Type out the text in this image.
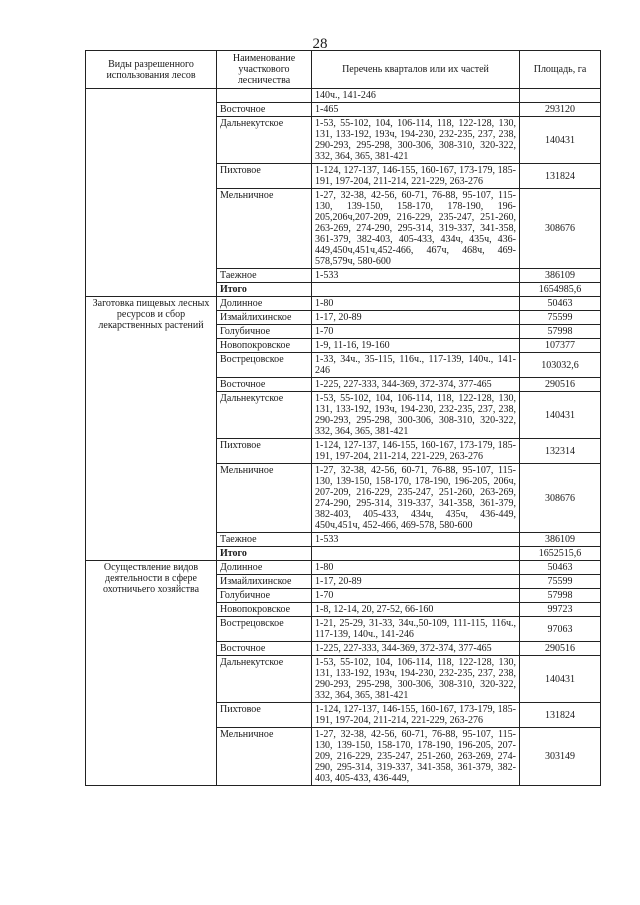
28
Виды разрешенного использования лесов	Наименование участкового лесничества	Перечень кварталов или их частей	Площадь, га
		140ч., 141-246	
	Восточное	1-465	293120
	Дальнекутское	1-53, 55-102, 104, 106-114, 118, 122-128, 130, 131, 133-192, 193ч, 194-230, 232-235, 237, 238, 290-293, 295-298, 300-306, 308-310, 320-322, 332, 364, 365, 381-421	140431
	Пихтовое	1-124, 127-137, 146-155, 160-167, 173-179, 185-191, 197-204, 211-214, 221-229, 263-276	131824
	Мельничное	1-27, 32-38, 42-56, 60-71, 76-88, 95-107, 115-130, 139-150, 158-170, 178-190, 196-205,206ч,207-209, 216-229, 235-247, 251-260, 263-269, 274-290, 295-314, 319-337, 341-358, 361-379, 382-403, 405-433, 434ч, 435ч, 436-449,450ч,451ч,452-466, 467ч, 468ч, 469-578,579ч, 580-600	308676
	Таежное	1-533	386109
	Итого		1654985,6
Заготовка пищевых лесных ресурсов и сбор лекарственных растений	Долинное	1-80	50463
	Измайлихинское	1-17, 20-89	75599
	Голубичное	1-70	57998
	Новопокровское	1-9, 11-16, 19-160	107377
	Вострецовское	1-33, 34ч., 35-115, 116ч., 117-139, 140ч., 141-246	103032,6
	Восточное	1-225, 227-333, 344-369, 372-374, 377-465	290516
	Дальнекутское	1-53, 55-102, 104, 106-114, 118, 122-128, 130, 131, 133-192, 193ч, 194-230, 232-235, 237, 238, 290-293, 295-298, 300-306, 308-310, 320-322, 332, 364, 365, 381-421	140431
	Пихтовое	1-124, 127-137, 146-155, 160-167, 173-179, 185-191, 197-204, 211-214, 221-229, 263-276	132314
	Мельничное	1-27, 32-38, 42-56, 60-71, 76-88, 95-107, 115-130, 139-150, 158-170, 178-190, 196-205, 206ч, 207-209, 216-229, 235-247, 251-260, 263-269, 274-290, 295-314, 319-337, 341-358, 361-379, 382-403, 405-433, 434ч, 435ч, 436-449, 450ч,451ч, 452-466, 469-578, 580-600	308676
	Таежное	1-533	386109
	Итого		1652515,6
Осуществление видов деятельности в сфере охотничьего хозяйства	Долинное	1-80	50463
	Измайлихинское	1-17, 20-89	75599
	Голубичное	1-70	57998
	Новопокровское	1-8, 12-14, 20, 27-52, 66-160	99723
	Вострецовское	1-21, 25-29, 31-33, 34ч.,50-109, 111-115, 116ч., 117-139, 140ч., 141-246	97063
	Восточное	1-225, 227-333, 344-369, 372-374, 377-465	290516
	Дальнекутское	1-53, 55-102, 104, 106-114, 118, 122-128, 130, 131, 133-192, 193ч, 194-230, 232-235, 237, 238, 290-293, 295-298, 300-306, 308-310, 320-322, 332, 364, 365, 381-421	140431
	Пихтовое	1-124, 127-137, 146-155, 160-167, 173-179, 185-191, 197-204, 211-214, 221-229, 263-276	131824
	Мельничное	1-27, 32-38, 42-56, 60-71, 76-88, 95-107, 115-130, 139-150, 158-170, 178-190, 196-205, 207-209, 216-229, 235-247, 251-260, 263-269, 274-290, 295-314, 319-337, 341-358, 361-379, 382-403, 405-433, 436-449,	303149
